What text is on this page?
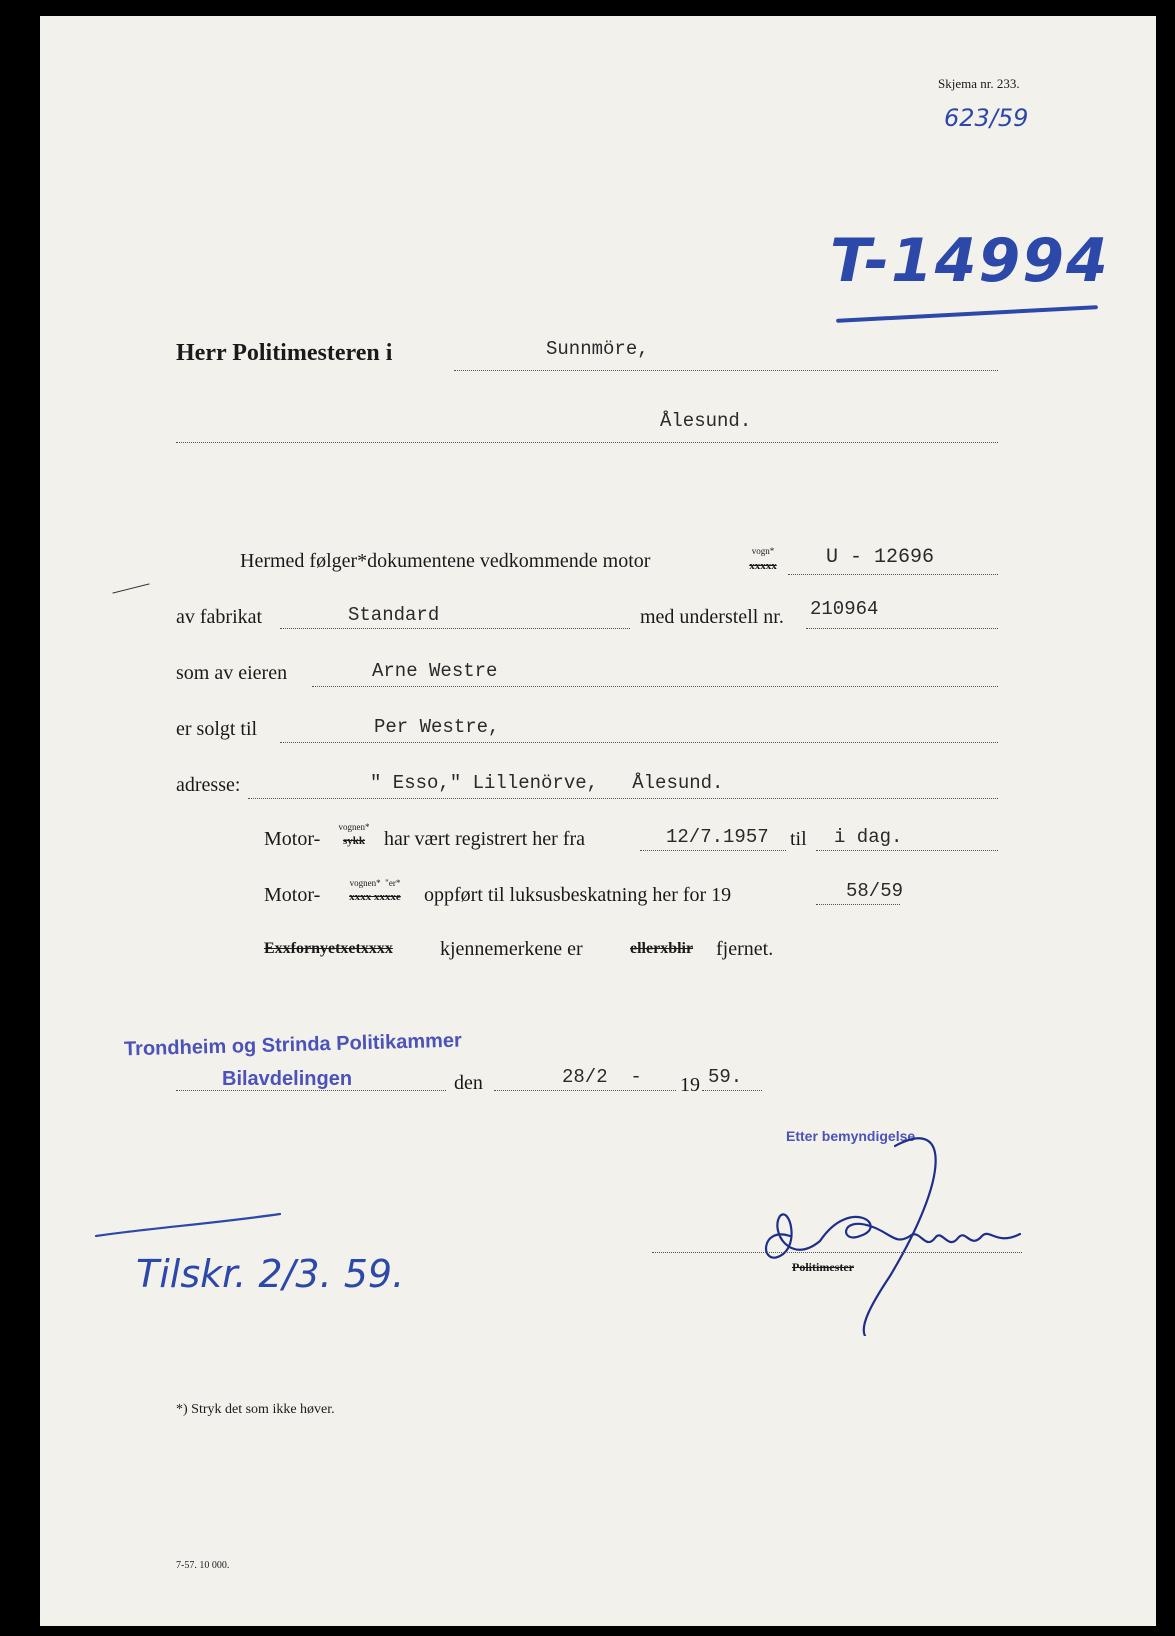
Skjema nr. 233.
623/59
T-14994
Herr Politimesteren i	Sunnmöre,
Ålesund.
Hermed følger*dokumentene vedkommende motor	vogn*
xxxxx	U - 12696
av fabrikat	Standard	med understell nr. 210964
som av eieren	Arne Westre
er solgt til	Per Westre,
adresse:	" Esso," Lillenörve,   Ålesund.
Motor-
vognen*
sykk har vært registrert her fra	12/7.1957 til i dag.
Motor-
vognen*  "er*
xxxx xxxxe	oppført til luksusbeskatning her for 19	58/59
Exxfornyetxetxxxx kjennemerkene er	ellerxblir fjernet.
Trondheim og Strinda Politikammer
Bilavdelingen	den	28/2  - 19 59.
Etter bemyndigelse
Politimester
Tilskr. 2/3. 59.
*) Stryk det som ikke høver.
7-57. 10 000.
